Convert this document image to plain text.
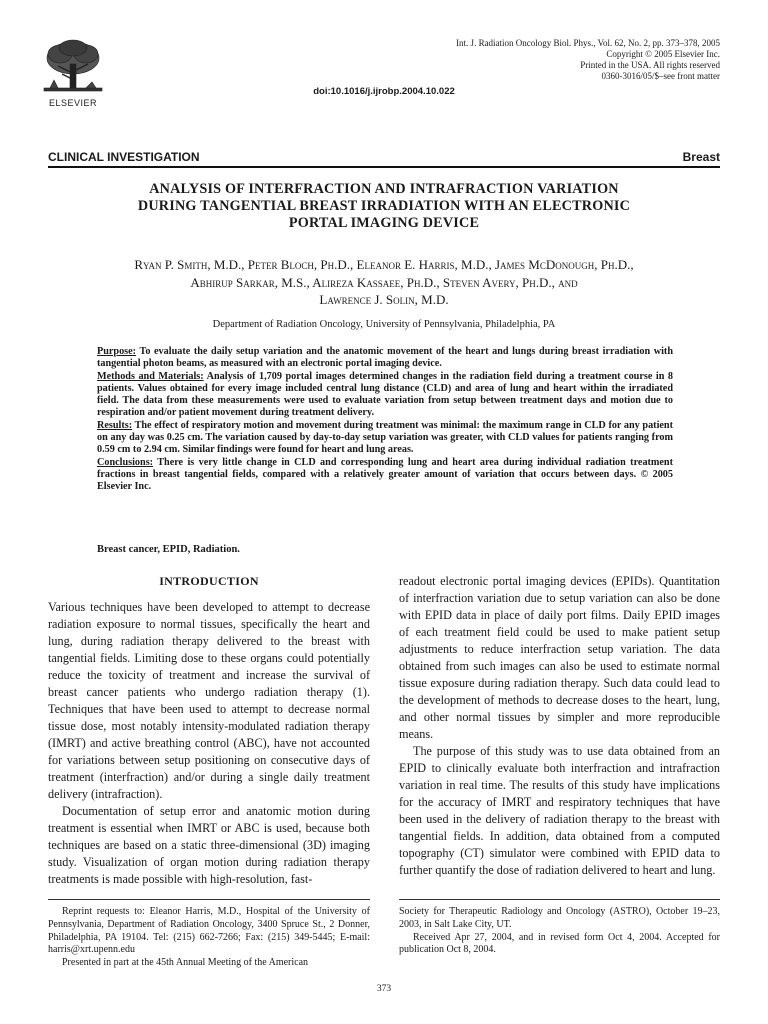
ELSEVIER
Int. J. Radiation Oncology Biol. Phys., Vol. 62, No. 2, pp. 373–378, 2005
Copyright © 2005 Elsevier Inc.
Printed in the USA. All rights reserved
0360-3016/05/$–see front matter
doi:10.1016/j.ijrobp.2004.10.022
CLINICAL INVESTIGATION	Breast
ANALYSIS OF INTERFRACTION AND INTRAFRACTION VARIATION
DURING TANGENTIAL BREAST IRRADIATION WITH AN ELECTRONIC
PORTAL IMAGING DEVICE
Ryan P. Smith, M.D., Peter Bloch, Ph.D., Eleanor E. Harris, M.D., James McDonough, Ph.D.,
Abhirup Sarkar, M.S., Alireza Kassaee, Ph.D., Steven Avery, Ph.D., and
Lawrence J. Solin, M.D.
Department of Radiation Oncology, University of Pennsylvania, Philadelphia, PA

Purpose: To evaluate the daily setup variation and the anatomic movement of the heart and lungs during breast irradiation with tangential photon beams, as measured with an electronic portal imaging device.

Methods and Materials: Analysis of 1,709 portal images determined changes in the radiation field during a treatment course in 8 patients. Values obtained for every image included central lung distance (CLD) and area of lung and heart within the irradiated field. The data from these measurements were used to evaluate variation from setup between treatment days and motion due to respiration and/or patient movement during treatment delivery.

Results: The effect of respiratory motion and movement during treatment was minimal: the maximum range in CLD for any patient on any day was 0.25 cm. The variation caused by day-to-day setup variation was greater, with CLD values for patients ranging from 0.59 cm to 2.94 cm. Similar findings were found for heart and lung areas.

Conclusions: There is very little change in CLD and corresponding lung and heart area during individual radiation treatment fractions in breast tangential fields, compared with a relatively greater amount of variation that occurs between days. © 2005 Elsevier Inc.

Breast cancer, EPID, Radiation.
INTRODUCTION

Various techniques have been developed to attempt to decrease radiation exposure to normal tissues, specifically the heart and lung, during radiation therapy delivered to the breast with tangential fields. Limiting dose to these organs could potentially reduce the toxicity of treatment and increase the survival of breast cancer patients who undergo radiation therapy (1). Techniques that have been used to attempt to decrease normal tissue dose, most notably intensity-modulated radiation therapy (IMRT) and active breathing control (ABC), have not accounted for variations between setup positioning on consecutive days of treatment (interfraction) and/or during a single daily treatment delivery (intrafraction).

Documentation of setup error and anatomic motion during treatment is essential when IMRT or ABC is used, because both techniques are based on a static three-dimensional (3D) imaging study. Visualization of organ motion during radiation therapy treatments is made possible with high-resolution, fast-

readout electronic portal imaging devices (EPIDs). Quantitation of interfraction variation due to setup variation can also be done with EPID data in place of daily port films. Daily EPID images of each treatment field could be used to make patient setup adjustments to reduce interfraction setup variation. The data obtained from such images can also be used to estimate normal tissue exposure during radiation therapy. Such data could lead to the development of methods to decrease doses to the heart, lung, and other normal tissues by simpler and more reproducible means.

The purpose of this study was to use data obtained from an EPID to clinically evaluate both interfraction and intrafraction variation in real time. The results of this study have implications for the accuracy of IMRT and respiratory techniques that have been used in the delivery of radiation therapy to the breast with tangential fields. In addition, data obtained from a computed topography (CT) simulator were combined with EPID data to further quantify the dose of radiation delivered to heart and lung.

Reprint requests to: Eleanor Harris, M.D., Hospital of the University of Pennsylvania, Department of Radiation Oncology, 3400 Spruce St., 2 Donner, Philadelphia, PA 19104. Tel: (215) 662-7266; Fax: (215) 349-5445; E-mail: harris@xrt.upenn.edu

Presented in part at the 45th Annual Meeting of the American

Society for Therapeutic Radiology and Oncology (ASTRO), October 19–23, 2003, in Salt Lake City, UT.

Received Apr 27, 2004, and in revised form Oct 4, 2004. Accepted for publication Oct 8, 2004.

373
